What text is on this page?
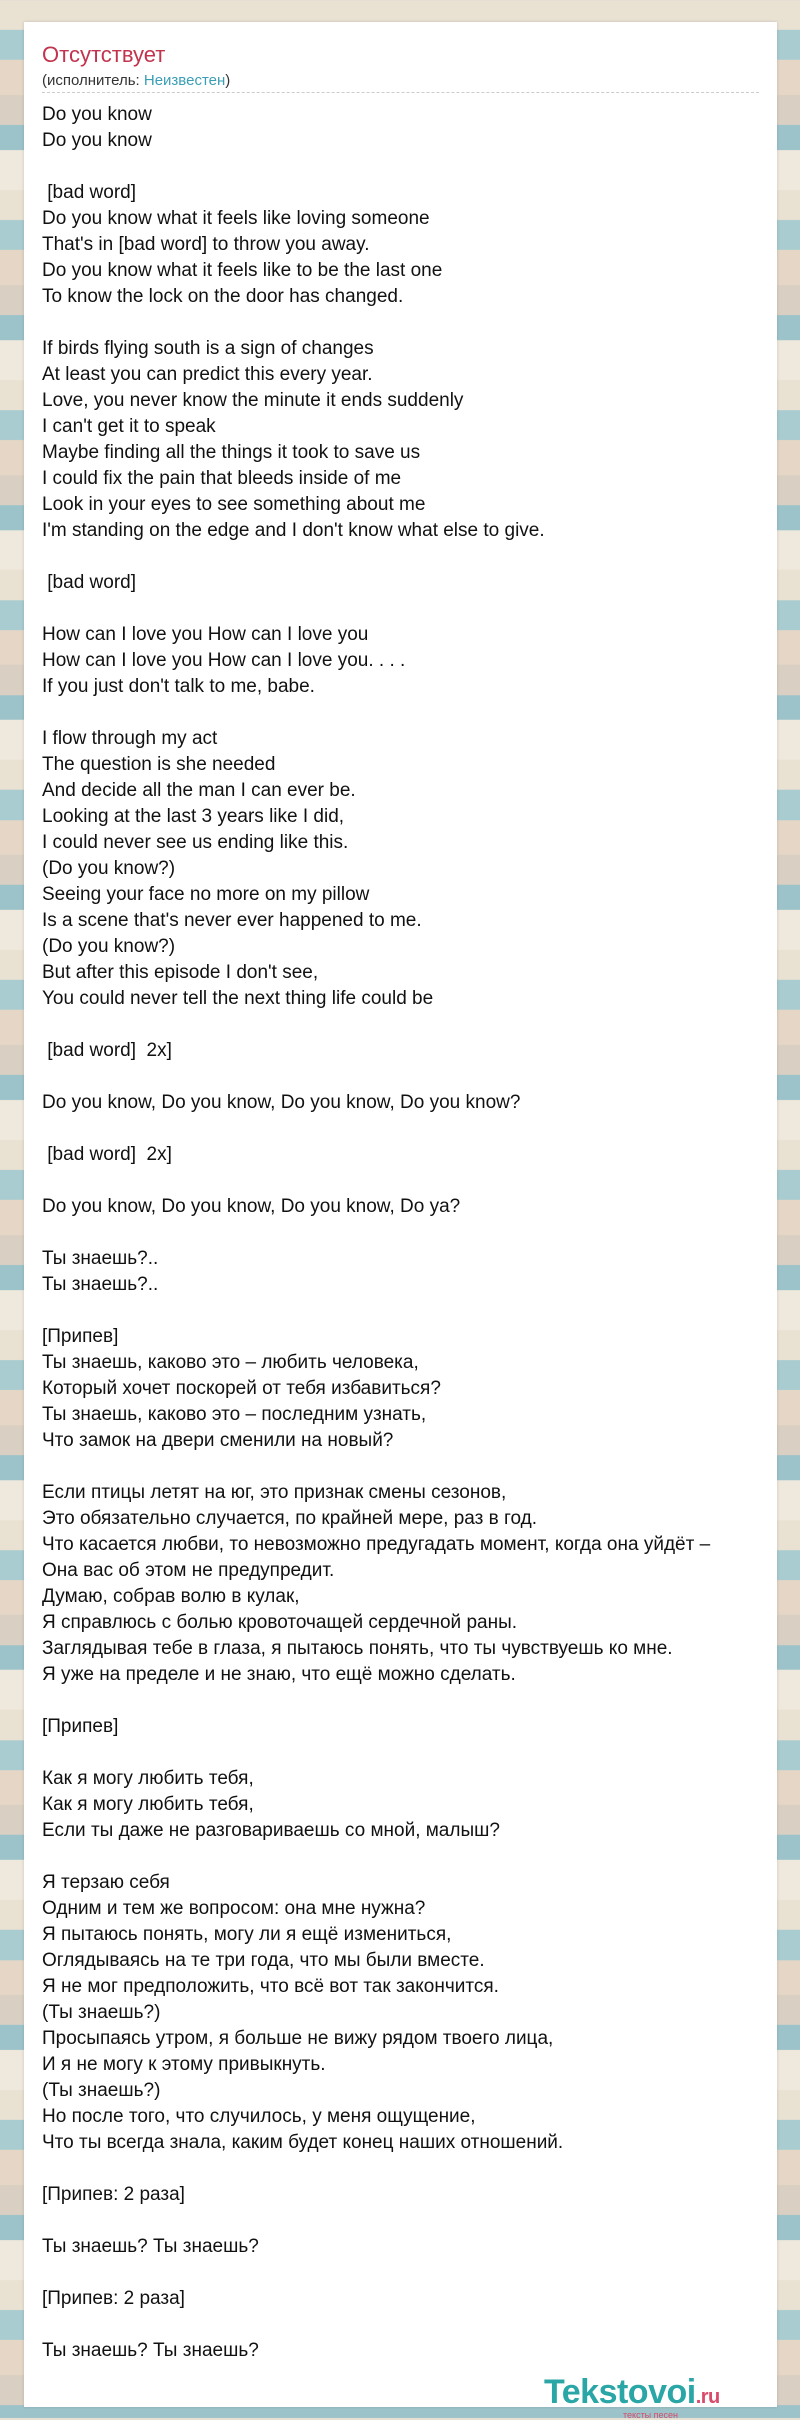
Отсутствует
(исполнитель: Неизвестен)
Do you know
Do you know

[bad word]
Do you know what it feels like loving someone
That's in [bad word] to throw you away.
Do you know what it feels like to be the last one
To know the lock on the door has changed.

If birds flying south is a sign of changes
At least you can predict this every year.
Love, you never know the minute it ends suddenly
I can't get it to speak
Maybe finding all the things it took to save us
I could fix the pain that bleeds inside of me
Look in your eyes to see something about me
I'm standing on the edge and I don't know what else to give.

[bad word]

How can I love you How can I love you
How can I love you How can I love you. . . .
If you just don't talk to me, babe.

I flow through my act
The question is she needed
And decide all the man I can ever be.
Looking at the last 3 years like I did,
I could never see us ending like this.
(Do you know?)
Seeing your face no more on my pillow
Is a scene that's never ever happened to me.
(Do you know?)
But after this episode I don't see,
You could never tell the next thing life could be

[bad word]  2x]

Do you know, Do you know, Do you know, Do you know?

[bad word]  2x]

Do you know, Do you know, Do you know, Do ya?

Ты знаешь?..
Ты знаешь?..

[Припев]
Ты знаешь, каково это – любить человека,
Который хочет поскорей от тебя избавиться?
Ты знаешь, каково это – последним узнать,
Что замок на двери сменили на новый?

Если птицы летят на юг, это признак смены сезонов,
Это обязательно случается, по крайней мере, раз в год.
Что касается любви, то невозможно предугадать момент, когда она уйдёт –
Она вас об этом не предупредит.
Думаю, собрав волю в кулак,
Я справлюсь с болью кровоточащей сердечной раны.
Заглядывая тебе в глаза, я пытаюсь понять, что ты чувствуешь ко мне.
Я уже на пределе и не знаю, что ещё можно сделать.

[Припев]

Как я могу любить тебя,
Как я могу любить тебя,
Если ты даже не разговариваешь со мной, малыш?

Я терзаю себя
Одним и тем же вопросом: она мне нужна?
Я пытаюсь понять, могу ли я ещё измениться,
Оглядываясь на те три года, что мы были вместе.
Я не мог предположить, что всё вот так закончится.
(Ты знаешь?)
Просыпаясь утром, я больше не вижу рядом твоего лица,
И я не могу к этому привыкнуть.
(Ты знаешь?)
Но после того, что случилось, у меня ощущение,
Что ты всегда знала, каким будет конец наших отношений.

[Припев: 2 раза]

Ты знаешь? Ты знаешь?

[Припев: 2 раза]

Ты знаешь? Ты знаешь?
Tekstovoi.ru
тексты песен
